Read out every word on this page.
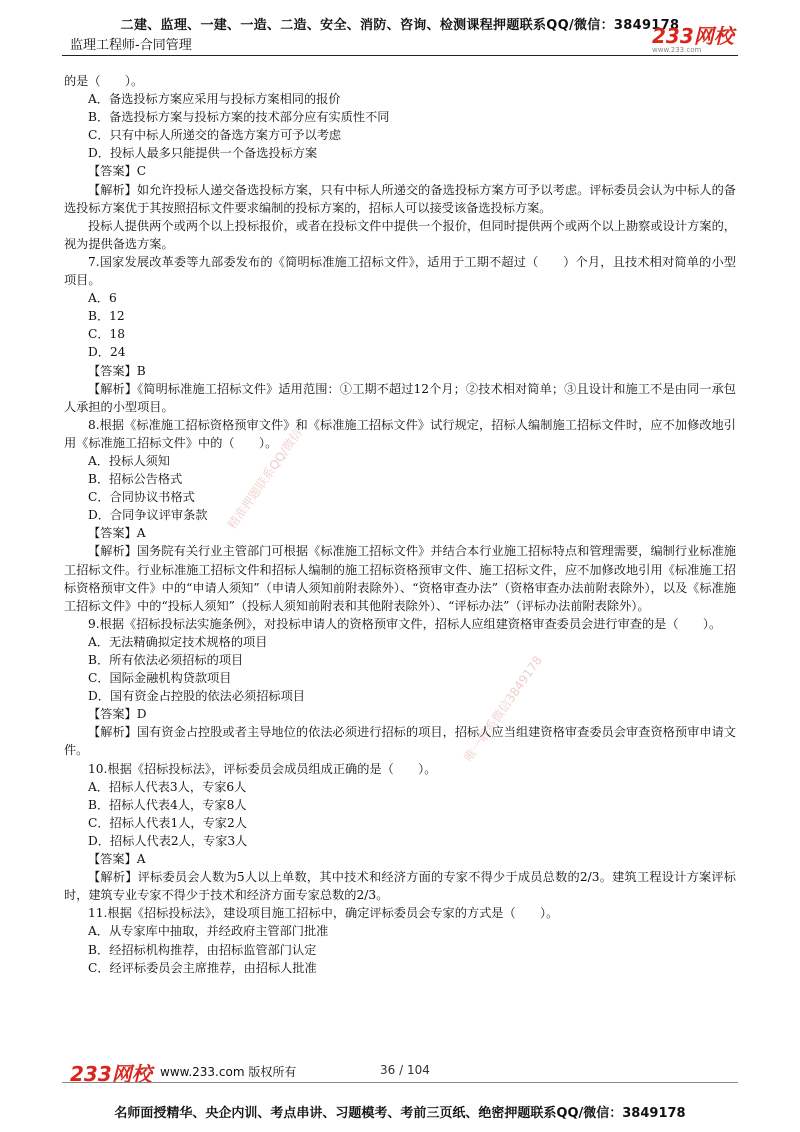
二建、监理、一建、一造、二造、安全、消防、咨询、检测课程押题联系QQ/微信：3849178
监理工程师-合同管理	233网校
www.233.com
精准押题联系QQ/微信
唯一联系微信3849178

的是（　　）。

A．备选投标方案应采用与投标方案相同的报价

B．备选投标方案与投标方案的技术部分应有实质性不同

C．只有中标人所递交的备选方案方可予以考虑

D．投标人最多只能提供一个备选投标方案

【答案】C

【解析】如允许投标人递交备选投标方案，只有中标人所递交的备选投标方案方可予以考虑。评标委员会认为中标人的备选投标方案优于其按照招标文件要求编制的投标方案的，招标人可以接受该备选投标方案。

投标人提供两个或两个以上投标报价，或者在投标文件中提供一个报价，但同时提供两个或两个以上勘察或设计方案的，视为提供备选方案。

7.国家发展改革委等九部委发布的《简明标准施工招标文件》，适用于工期不超过（　　）个月，且技术相对简单的小型项目。

A．6

B．12

C．18

D．24

【答案】B

【解析】《简明标准施工招标文件》适用范围：①工期不超过12个月；②技术相对简单；③且设计和施工不是由同一承包人承担的小型项目。

8.根据《标准施工招标资格预审文件》和《标准施工招标文件》试行规定，招标人编制施工招标文件时，应不加修改地引用《标准施工招标文件》中的（　　）。

A．投标人须知

B．招标公告格式

C．合同协议书格式

D．合同争议评审条款

【答案】A

【解析】国务院有关行业主管部门可根据《标准施工招标文件》并结合本行业施工招标特点和管理需要，编制行业标准施工招标文件。行业标准施工招标文件和招标人编制的施工招标资格预审文件、施工招标文件，应不加修改地引用《标准施工招标资格预审文件》中的“申请人须知”（申请人须知前附表除外）、“资格审查办法”（资格审查办法前附表除外），以及《标准施工招标文件》中的“投标人须知”（投标人须知前附表和其他附表除外）、“评标办法”（评标办法前附表除外）。

9.根据《招标投标法实施条例》，对投标申请人的资格预审文件，招标人应组建资格审查委员会进行审查的是（　　）。

A．无法精确拟定技术规格的项目

B．所有依法必须招标的项目

C．国际金融机构贷款项目

D．国有资金占控股的依法必须招标项目

【答案】D

【解析】国有资金占控股或者主导地位的依法必须进行招标的项目，招标人应当组建资格审查委员会审查资格预审申请文件。

10.根据《招标投标法》，评标委员会成员组成正确的是（　　）。

A．招标人代表3人，专家6人

B．招标人代表4人，专家8人

C．招标人代表1人，专家2人

D．招标人代表2人，专家3人

【答案】A

【解析】评标委员会人数为5人以上单数，其中技术和经济方面的专家不得少于成员总数的2/3。建筑工程设计方案评标时，建筑专业专家不得少于技术和经济方面专家总数的2/3。

11.根据《招标投标法》，建设项目施工招标中，确定评标委员会专家的方式是（　　）。

A．从专家库中抽取，并经政府主管部门批准

B．经招标机构推荐，由招标监管部门认定

C．经评标委员会主席推荐，由招标人批准

233网校 www.233.com 版权所有	36 / 104
名师面授精华、央企内训、考点串讲、习题模考、考前三页纸、绝密押题联系QQ/微信：3849178
